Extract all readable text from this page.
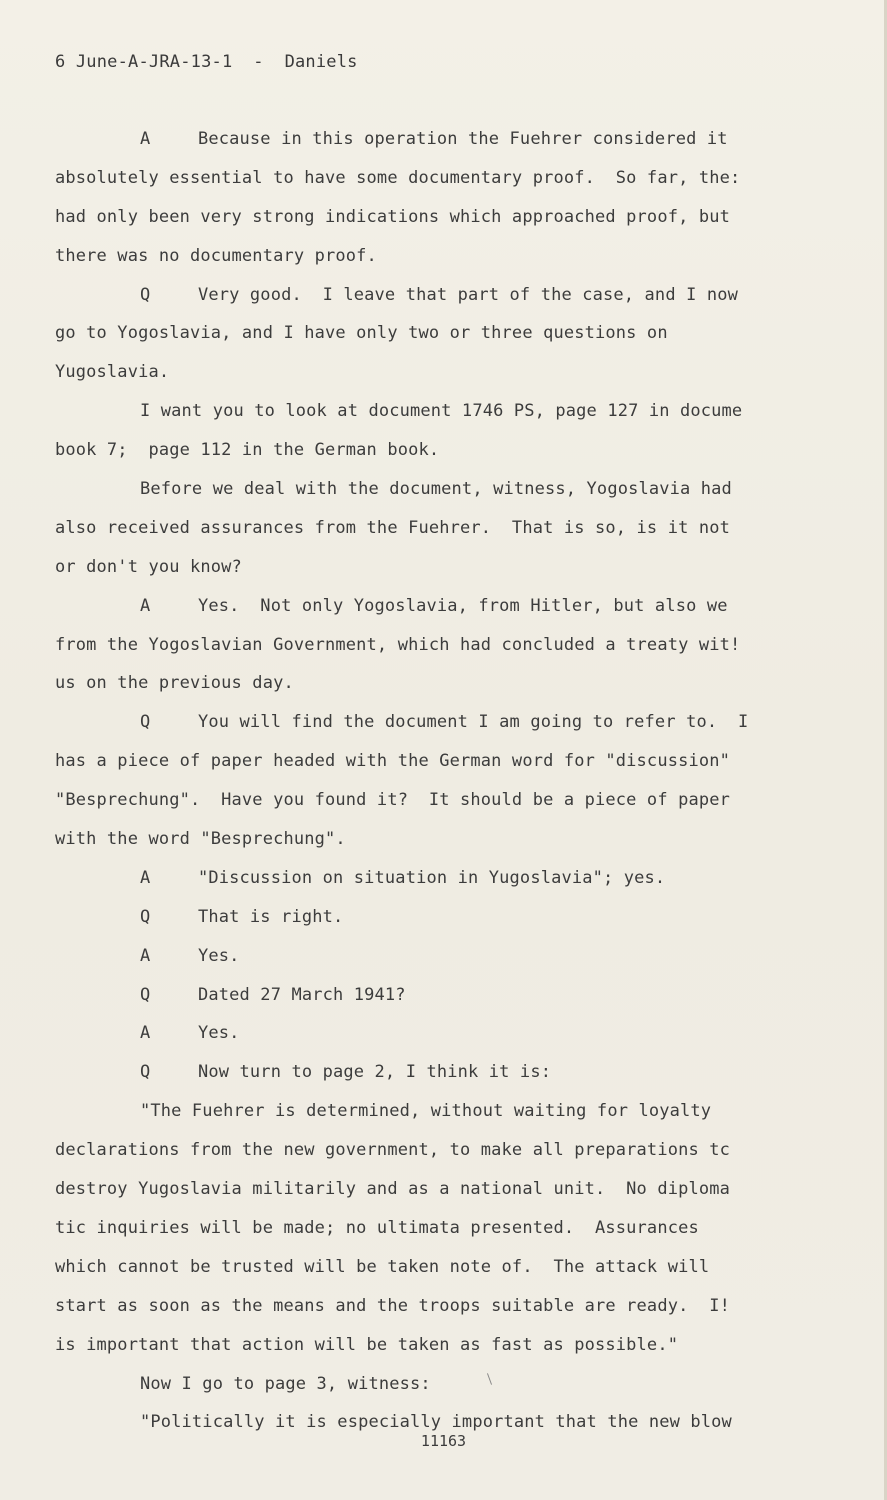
6 June-A-JRA-13-1  -  Daniels
A	Because in this operation the Fuehrer considered it
absolutely essential to have some documentary proof.  So far, the:
had only been very strong indications which approached proof, but
there was no documentary proof.
Q	Very good.  I leave that part of the case, and I now
go to Yogoslavia, and I have only two or three questions on
Yugoslavia.
I want you to look at document 1746 PS, page 127 in docume
book 7;  page 112 in the German book.
Before we deal with the document, witness, Yogoslavia had
also received assurances from the Fuehrer.  That is so, is it not
or don't you know?
A	Yes.  Not only Yogoslavia, from Hitler, but also we
from the Yogoslavian Government, which had concluded a treaty wit!
us on the previous day.
Q	You will find the document I am going to refer to.  I
has a piece of paper headed with the German word for "discussion"
"Besprechung".  Have you found it?  It should be a piece of paper
with the word "Besprechung".
A	"Discussion on situation in Yugoslavia"; yes.
Q	That is right.
A	Yes.
Q	Dated 27 March 1941?
A	Yes.
Q	Now turn to page 2, I think it is:
"The Fuehrer is determined, without waiting for loyalty
declarations from the new government, to make all preparations tc
destroy Yugoslavia militarily and as a national unit.  No diploma
tic inquiries will be made; no ultimata presented.  Assurances
which cannot be trusted will be taken note of.  The attack will
start as soon as the means and the troops suitable are ready.  I!
is important that action will be taken as fast as possible."
Now I go to page 3, witness:
"Politically it is especially important that the new blow
11163
